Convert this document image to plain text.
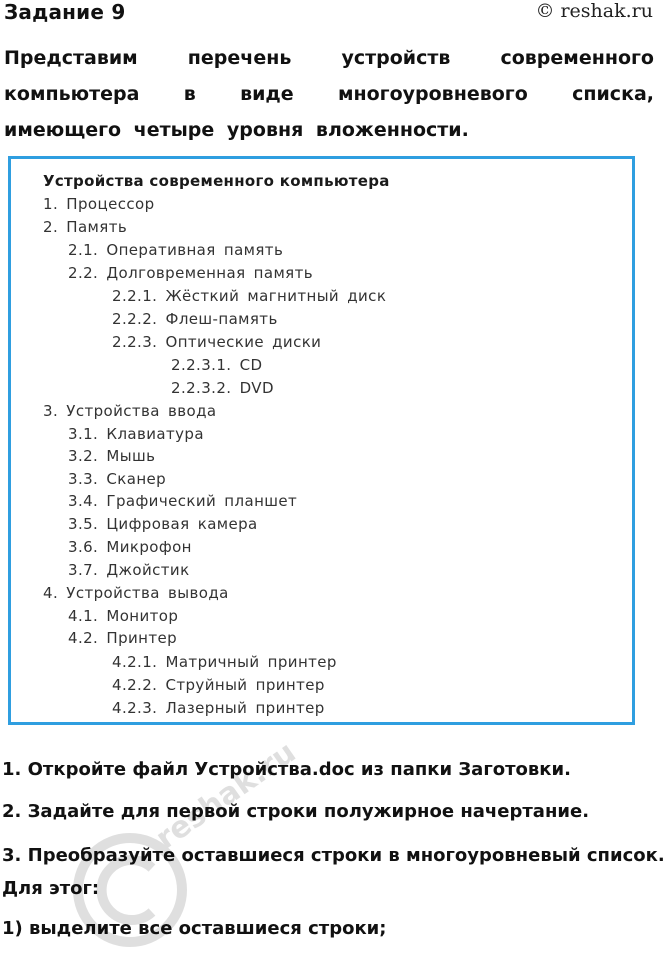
Задание 9	© reshak.ru
Представим перечень устройств современного компьютера в виде многоуровневого списка, имеющего четыре уровня вложенности.
Устройства современного компьютера
1. Процессор
2. Память
2.1. Оперативная память
2.2. Долговременная память
2.2.1. Жёсткий магнитный диск
2.2.2. Флеш-память
2.2.3. Оптические диски
2.2.3.1. CD
2.2.3.2. DVD
3. Устройства ввода
3.1. Клавиатура
3.2. Мышь
3.3. Сканер
3.4. Графический планшет
3.5. Цифровая камера
3.6. Микрофон
3.7. Джойстик
4. Устройства вывода
4.1. Монитор
4.2. Принтер
4.2.1. Матричный принтер
4.2.2. Струйный принтер
4.2.3. Лазерный принтер
1. Откройте файл Устройства.doc из папки Заготовки.
2. Задайте для первой строки полужирное начертание.
3. Преобразуйте оставшиеся строки в многоуровневый список.
Для этог:
1) выделите все оставшиеся строки;
reshak.ru
